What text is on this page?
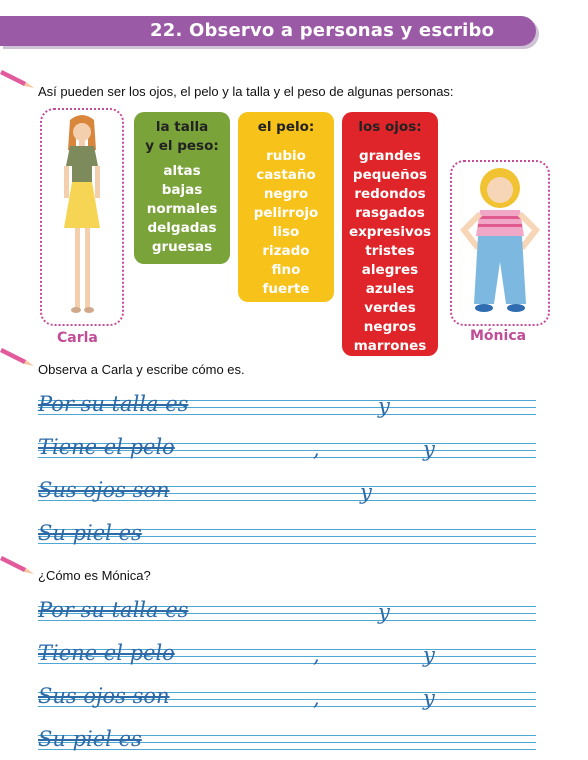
22. Observo a personas y escribo
Así pueden ser los ojos, el pelo y la talla y el peso de algunas personas:
Carla
la talla
y el peso:
altas
bajas
normales
delgadas
gruesas
el pelo:
rubio
castaño
negro
pelirrojo
liso
rizado
fino
fuerte
los ojos:
grandes
pequeños
redondos
rasgados
expresivos
tristes
alegres
azules
verdes
negros
marrones
Mónica
Observa a Carla y escribe cómo es.
Por su talla es	y
Tiene el pelo	,	y
Sus ojos son	y
Su piel es
¿Cómo es Mónica?
Por su talla es	y
Tiene el pelo	,	y
Sus ojos son	,	y
Su piel es
